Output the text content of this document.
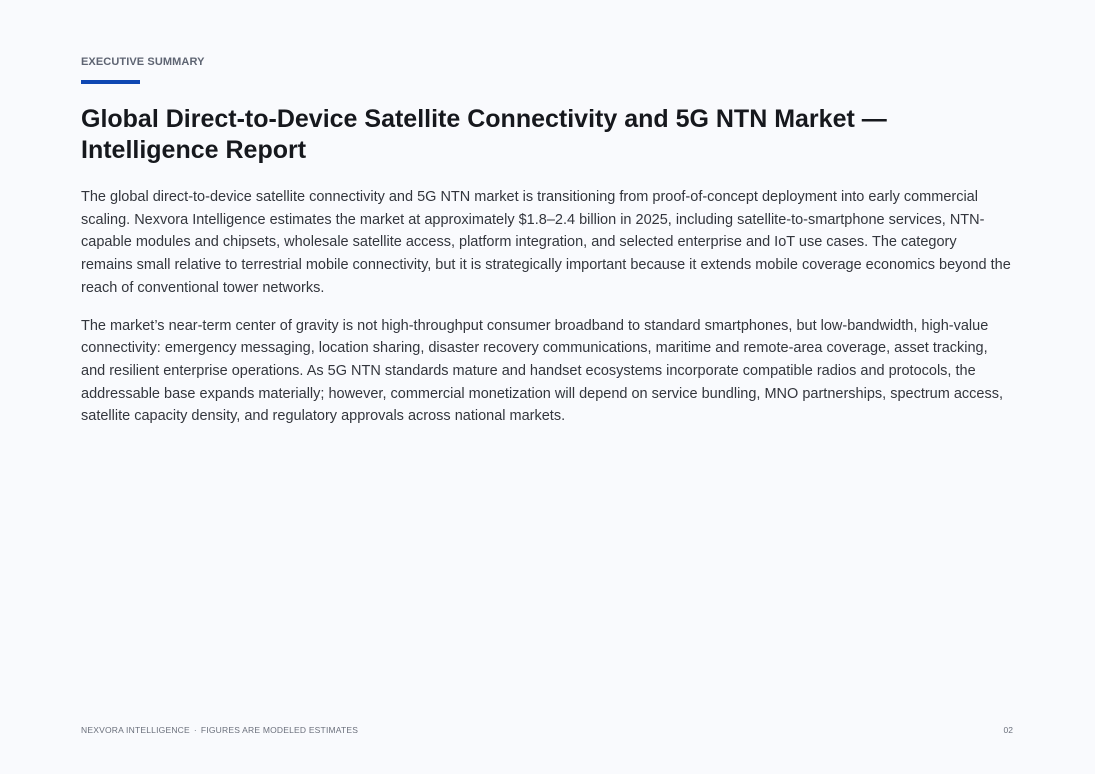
EXECUTIVE SUMMARY
Global Direct-to-Device Satellite Connectivity and 5G NTN Market — Intelligence Report

The global direct-to-device satellite connectivity and 5G NTN market is transitioning from proof-of-concept deployment into early commercial scaling. Nexvora Intelligence estimates the market at approximately $1.8–2.4 billion in 2025, including satellite-to-smartphone services, NTN-capable modules and chipsets, wholesale satellite access, platform integration, and selected enterprise and IoT use cases. The category remains small relative to terrestrial mobile connectivity, but it is strategically important because it extends mobile coverage economics beyond the reach of conventional tower networks.

The market’s near-term center of gravity is not high-throughput consumer broadband to standard smartphones, but low-bandwidth, high-value connectivity: emergency messaging, location sharing, disaster recovery communications, maritime and remote-area coverage, asset tracking, and resilient enterprise operations. As 5G NTN standards mature and handset ecosystems incorporate compatible radios and protocols, the addressable base expands materially; however, commercial monetization will depend on service bundling, MNO partnerships, spectrum access, satellite capacity density, and regulatory approvals across national markets.

NEXVORA INTELLIGENCE · FIGURES ARE MODELED ESTIMATES	02
